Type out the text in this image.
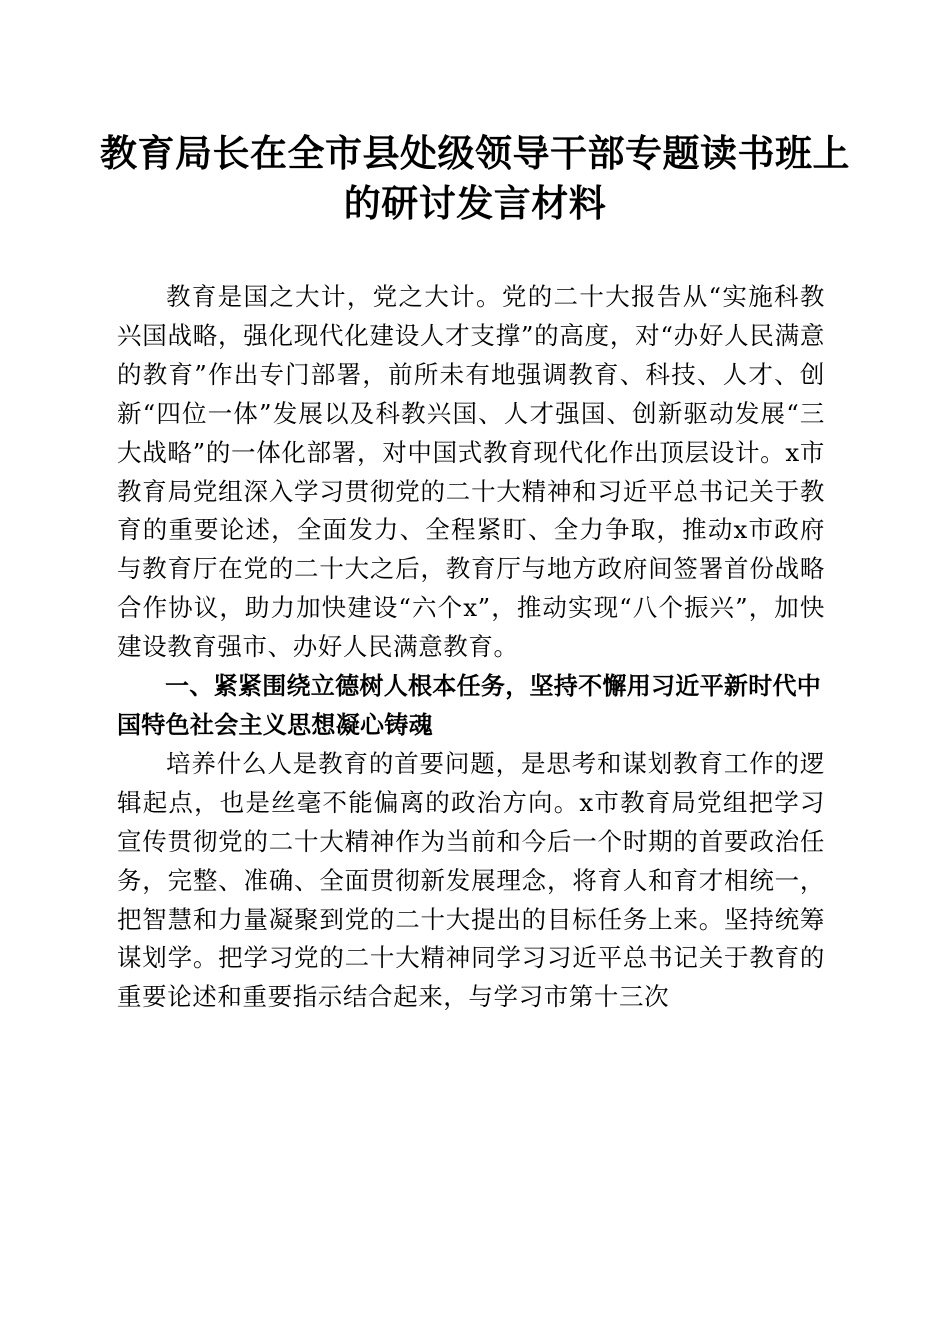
教育局长在全市县处级领导干部专题读书班上
的研讨发言材料

教育是国之大计，党之大计。党的二十大报告从“实施科教兴国战略，强化现代化建设人才支撑”的高度，对“办好人民满意的教育”作出专门部署，前所未有地强调教育、科技、人才、创新“四位一体”发展以及科教兴国、人才强国、创新驱动发展“三大战略”的一体化部署，对中国式教育现代化作出顶层设计。x市教育局党组深入学习贯彻党的二十大精神和习近平总书记关于教育的重要论述，全面发力、全程紧盯、全力争取，推动x市政府与教育厅在党的二十大之后，教育厅与地方政府间签署首份战略合作协议，助力加快建设“六个x”，推动实现“八个振兴”，加快建设教育强市、办好人民满意教育。

一、紧紧围绕立德树人根本任务，坚持不懈用习近平新时代中国特色社会主义思想凝心铸魂

培养什么人是教育的首要问题，是思考和谋划教育工作的逻辑起点，也是丝毫不能偏离的政治方向。x市教育局党组把学习宣传贯彻党的二十大精神作为当前和今后一个时期的首要政治任务，完整、准确、全面贯彻新发展理念，将育人和育才相统一，把智慧和力量凝聚到党的二十大提出的目标任务上来。坚持统筹谋划学。把学习党的二十大精神同学习习近平总书记关于教育的重要论述和重要指示结合起来，与学习市第十三次
